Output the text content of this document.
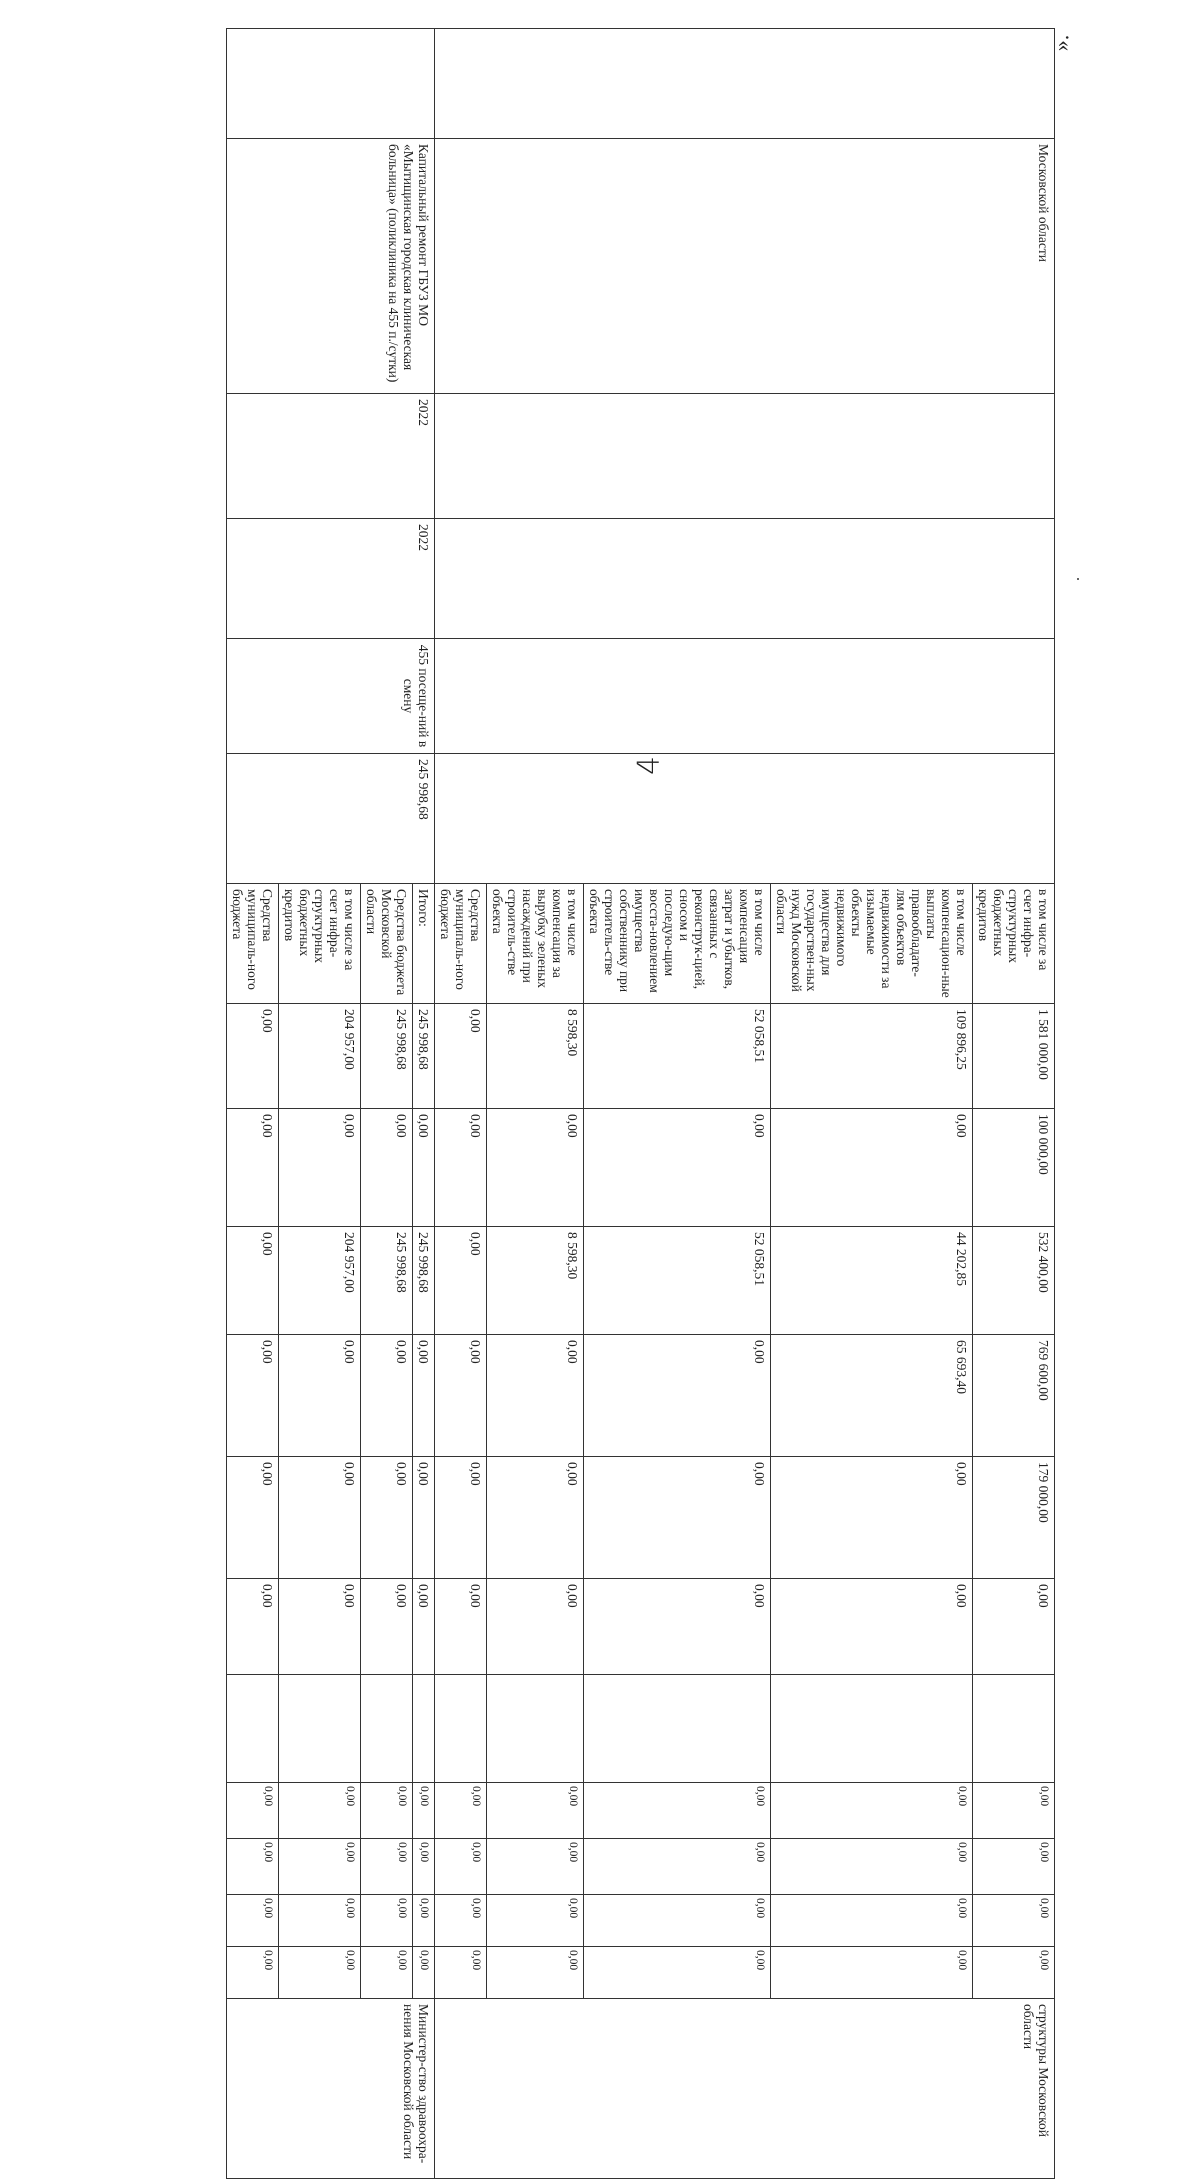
4
».
	Московской области					в том числе за счет инфра-структурных бюджетных кредитов	1 581 000,00	100 000,00	532 400,00	769 600,00	179 000,00	0,00		0,00	0,00	0,00	0,00	структуры Московской области
						в том числе компенсацион-ные выплаты правообладате-лям объектов недвижимости за изымаемые объекты недвижимого имущества для государствен-ных нужд Московской области	109 896,25	0,00	44 202,85	65 693,40	0,00	0,00		0,00	0,00	0,00	0,00	
						в том числе компенсация затрат и убытков, связанных с реконструк-цией, сносом и последую-щим восста-новлением имущества собственнику при строитель-стве объекта	52 058,51	0,00	52 058,51	0,00	0,00	0,00		0,00	0,00	0,00	0,00	
						в том числе компенсация за вырубку зеленых насаждений при строитель-стве объекта	8 598,30	0,00	8 598,30	0,00	0,00	0,00		0,00	0,00	0,00	0,00	
						Средства муниципаль-ного бюджета	0,00	0,00	0,00	0,00	0,00	0,00		0,00	0,00	0,00	0,00	
	Капитальный ремонт ГБУЗ МО «Мытищинская городская клиническая больница» (поликлиника на 455 п./сутки)	2022	2022	455 посеще-ний в смену	245 998,68	Итого:	245 998,68	0,00	245 998,68	0,00	0,00	0,00		0,00	0,00	0,00	0,00	Министер-ство здравоохра-нения Московской области
						Средства бюджета Московской области	245 998,68	0,00	245 998,68	0,00	0,00	0,00		0,00	0,00	0,00	0,00	
						в том числе за счет инфра-структурных бюджетных кредитов	204 957,00	0,00	204 957,00	0,00	0,00	0,00		0,00	0,00	0,00	0,00	
						Средства муниципаль-ного бюджета	0,00	0,00	0,00	0,00	0,00	0,00		0,00	0,00	0,00	0,00	
